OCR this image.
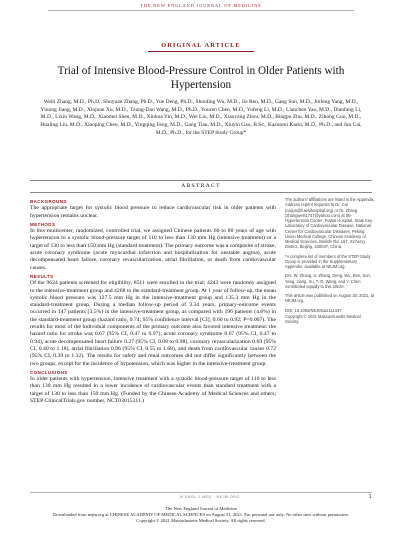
THE NEW ENGLAND JOURNAL OF MEDICINE
ORIGINAL ARTICLE
Trial of Intensive Blood-Pressure Control in Older Patients with Hypertension
Weili Zhang, M.D., Ph.D., Shuyuan Zhang, Ph.D., Yue Deng, Ph.D., Shouling Wu, M.D., Jie Ren, M.D., Gang Sun, M.D., Jinfeng Yang, M.D., Yinong Jiang, M.D., Xinjuan Xu, M.D., Tzung-Dau Wang, M.D., Ph.D., Youren Chen, M.D., Yufeng Li, M.D., Lianchen Yao, M.D., Dianfang Li, M.D., Lixin Wang, M.D., Xiaomei Shen, M.D., Xinhua Yin, M.D., Wei Liu, M.D., Xiaoyang Zhou, M.D., Bingpo Zhu, M.D., Zihong Guo, M.D., Hualing Liu, M.D., Xiaoping Chen, M.D., Yingqing Feng, M.D., Gang Tian, M.D., Xiuyin Gao, B.Sc., Kazuomi Kario, M.D., Ph.D., and Jun Cai, M.D., Ph.D., for the STEP Study Group*
ABSTRACT
BACKGROUND

The appropriate target for systolic blood pressure to reduce cardiovascular risk in older patients with hypertension remains unclear.

METHODS

In this multicenter, randomized, controlled trial, we assigned Chinese patients 60 to 80 years of age with hypertension to a systolic blood-pressure target of 110 to less than 130 mm Hg (intensive treatment) or a target of 130 to less than 150 mm Hg (standard treatment). The primary outcome was a composite of stroke, acute coronary syndrome (acute myocardial infarction and hospitalization for unstable angina), acute decompensated heart failure, coronary revascularization, atrial fibrillation, or death from cardiovascular causes.

RESULTS

Of the 9624 patients screened for eligibility, 8511 were enrolled in the trial; 4243 were randomly assigned to the intensive-treatment group and 4268 to the standard-treatment group. At 1 year of follow-up, the mean systolic blood pressure was 127.5 mm Hg in the intensive-treatment group and 135.3 mm Hg in the standard-treatment group. During a median follow-up period of 3.34 years, primary-outcome events occurred in 147 patients (3.5%) in the intensive-treatment group, as compared with 196 patients (4.6%) in the standard-treatment group (hazard ratio, 0.74; 95% confidence interval [CI], 0.60 to 0.92; P=0.007). The results for most of the individual components of the primary outcome also favored intensive treatment: the hazard ratio for stroke was 0.67 (95% CI, 0.47 to 0.97), acute coronary syndrome 0.67 (95% CI, 0.47 to 0.94), acute decompensated heart failure 0.27 (95% CI, 0.08 to 0.98), coronary revascularization 0.69 (95% CI, 0.40 to 1.18), atrial fibrillation 0.96 (95% CI, 0.55 to 1.68), and death from cardiovascular causes 0.72 (95% CI, 0.39 to 1.32). The results for safety and renal outcomes did not differ significantly between the two groups, except for the incidence of hypotension, which was higher in the intensive-treatment group.

CONCLUSIONS

In older patients with hypertension, intensive treatment with a systolic blood-pressure target of 110 to less than 130 mm Hg resulted in a lower incidence of cardiovascular events than standard treatment with a target of 130 to less than 150 mm Hg. (Funded by the Chinese Academy of Medical Sciences and others; STEP ClinicalTrials.gov number, NCT03015311.)

The authors' affiliations are listed in the Appendix. Address reprint requests to Dr. Cai (caijun@fuwaihospital.org) or Dr. Zhang (zhangweili1747@yahoo.com) at the Hypertension Center, FuWai Hospital, State Key Laboratory of Cardiovascular Disease, National Center for Cardiovascular Diseases, Peking Union Medical College, Chinese Academy of Medical Sciences, Beilishi Rd. 167, Xicheng District, Beijing, 100037, China.

*A complete list of members of the STEP Study Group is provided in the Supplementary Appendix, available at NEJM.org.

Drs. W. Zhang, S. Zhang, Deng, Wu, Ren, Sun, Yang, Jiang, Xu, T.-D. Wang, and Y. Chen contributed equally to this article.

This article was published on August 30, 2021, at NEJM.org.

DOI: 10.1056/NEJMoa2111437

Copyright © 2021 Massachusetts Medical Society.

N ENGL J MED · NEJM.ORG	1
The New England Journal of Medicine
Downloaded from nejm.org at CHINESE ACADEMY OF MEDICAL SCIENCES on August 31, 2021. For personal use only. No other uses without permission.
Copyright © 2021 Massachusetts Medical Society. All rights reserved.
